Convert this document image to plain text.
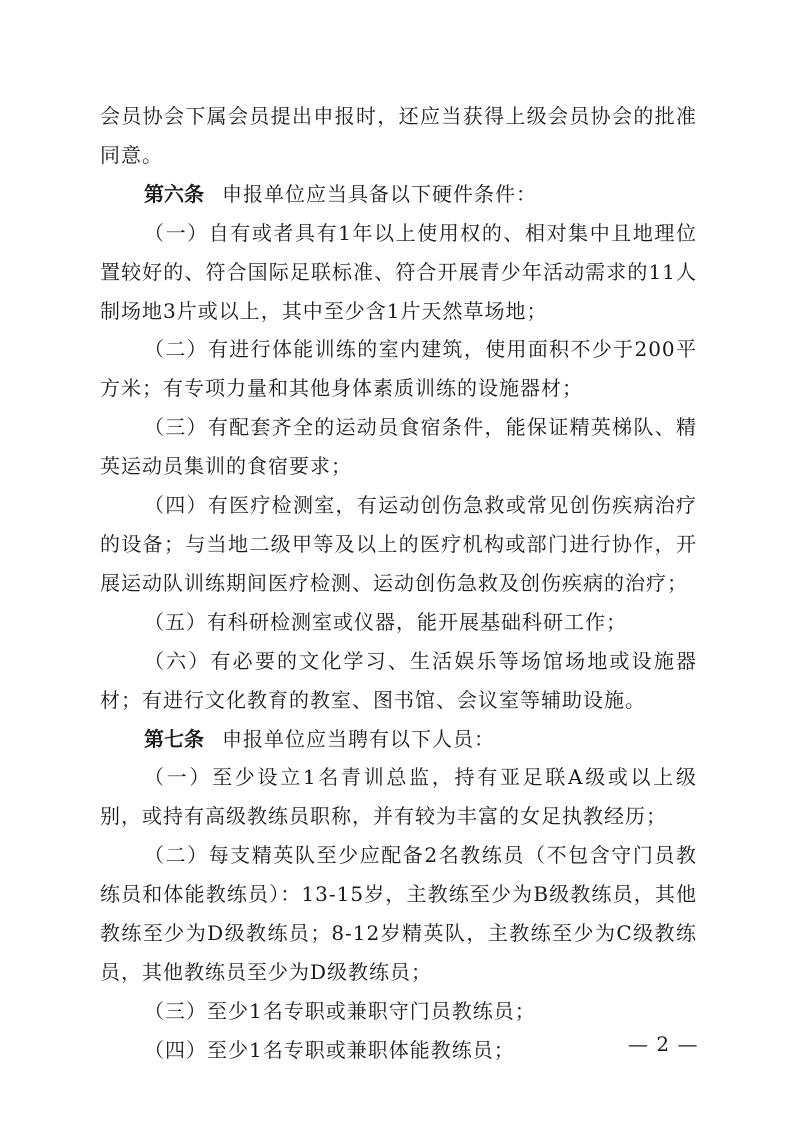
会员协会下属会员提出申报时，还应当获得上级会员协会的批准同意。

第六条 申报单位应当具备以下硬件条件：

（一）自有或者具有1年以上使用权的、相对集中且地理位置较好的、符合国际足联标准、符合开展青少年活动需求的11人制场地3片或以上，其中至少含1片天然草场地；

（二）有进行体能训练的室内建筑，使用面积不少于200平方米；有专项力量和其他身体素质训练的设施器材；

（三）有配套齐全的运动员食宿条件，能保证精英梯队、精英运动员集训的食宿要求；

（四）有医疗检测室，有运动创伤急救或常见创伤疾病治疗的设备；与当地二级甲等及以上的医疗机构或部门进行协作，开展运动队训练期间医疗检测、运动创伤急救及创伤疾病的治疗；

（五）有科研检测室或仪器，能开展基础科研工作；

（六）有必要的文化学习、生活娱乐等场馆场地或设施器材；有进行文化教育的教室、图书馆、会议室等辅助设施。

第七条 申报单位应当聘有以下人员：

（一）至少设立1名青训总监，持有亚足联A级或以上级别，或持有高级教练员职称，并有较为丰富的女足执教经历；

（二）每支精英队至少应配备2名教练员（不包含守门员教练员和体能教练员）：13-15岁，主教练至少为B级教练员，其他教练至少为D级教练员；8-12岁精英队，主教练至少为C级教练员，其他教练员至少为D级教练员；

（三）至少1名专职或兼职守门员教练员；

（四）至少1名专职或兼职体能教练员；	— 2 —
